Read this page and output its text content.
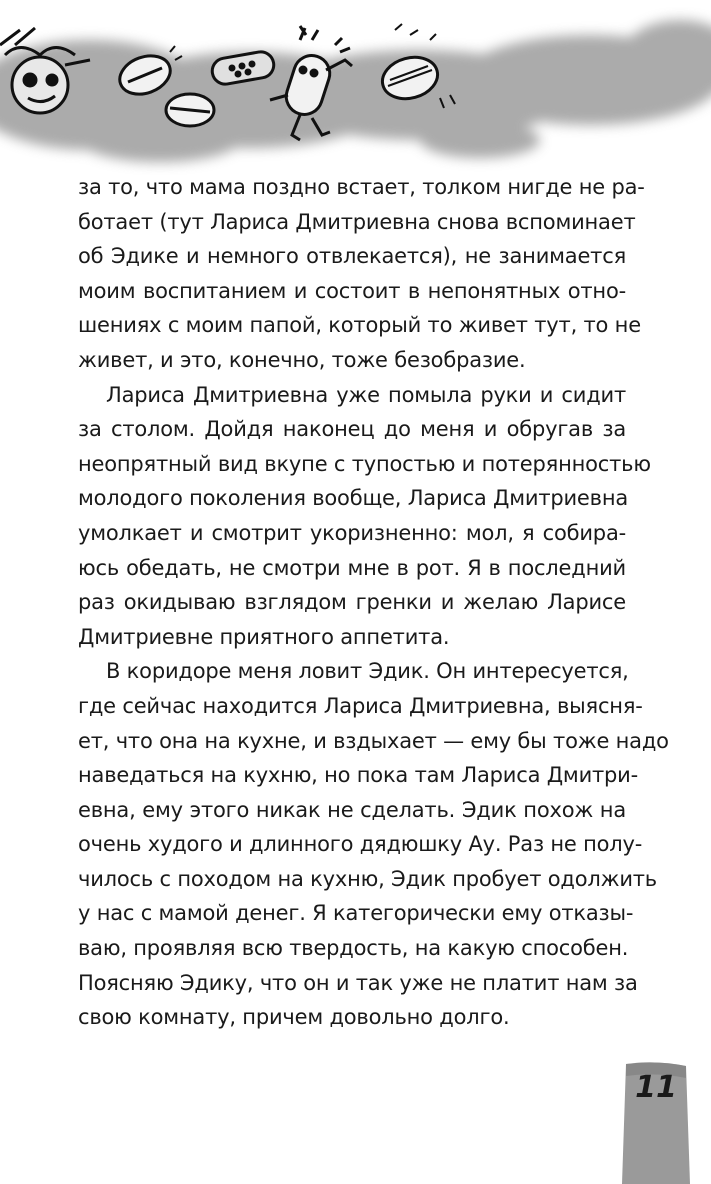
за то, что мама поздно встает, толком нигде не ра-
ботает (тут Лариса Дмитриевна снова вспоминает
об Эдике и немного отвлекается), не занимается
моим воспитанием и состоит в непонятных отно-
шениях с моим папой, который то живет тут, то не
живет, и это, конечно, тоже безобразие.
Лариса Дмитриевна уже помыла руки и сидит
за столом. Дойдя наконец до меня и обругав за
неопрятный вид вкупе с тупостью и потерянностью
молодого поколения вообще, Лариса Дмитриевна
умолкает и смотрит укоризненно: мол, я собира-
юсь обедать, не смотри мне в рот. Я в последний
раз окидываю взглядом гренки и желаю Ларисе
Дмитриевне приятного аппетита.
В коридоре меня ловит Эдик. Он интересуется,
где сейчас находится Лариса Дмитриевна, выясня-
ет, что она на кухне, и вздыхает — ему бы тоже надо
наведаться на кухню, но пока там Лариса Дмитри-
евна, ему этого никак не сделать. Эдик похож на
очень худого и длинного дядюшку Ау. Раз не полу-
чилось с походом на кухню, Эдик пробует одолжить
у нас с мамой денег. Я категорически ему отказы-
ваю, проявляя всю твердость, на какую способен.
Поясняю Эдику, что он и так уже не платит нам за
свою комнату, причем довольно долго.
11
